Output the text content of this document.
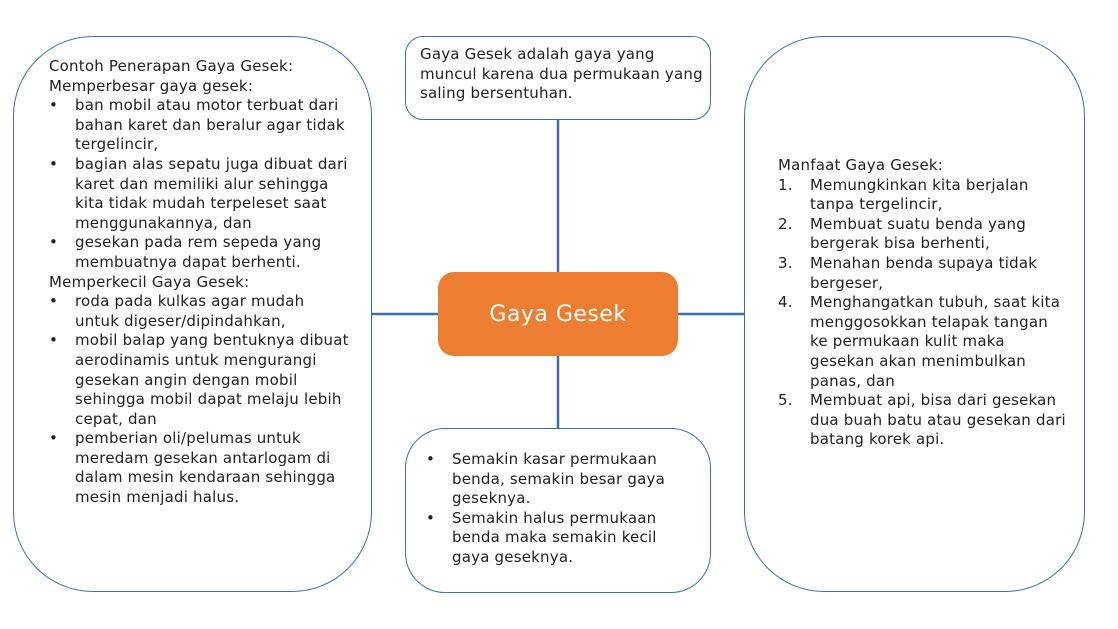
Contoh Penerapan Gaya Gesek:
Memperbesar gaya gesek:
•	ban mobil atau motor terbuat dari bahan karet dan beralur agar tidak tergelincir,
•	bagian alas sepatu juga dibuat dari karet dan memiliki alur sehingga kita tidak mudah terpeleset saat menggunakannya, dan
•	gesekan pada rem sepeda yang membuatnya dapat berhenti.
Memperkecil Gaya Gesek:
•	roda pada kulkas agar mudah untuk digeser/dipindahkan,
•	mobil balap yang bentuknya dibuat aerodinamis untuk mengurangi gesekan angin dengan mobil sehingga mobil dapat melaju lebih cepat, dan
•	pemberian oli/pelumas untuk meredam gesekan antarlogam di dalam mesin kendaraan sehingga mesin menjadi halus.
Gaya Gesek adalah gaya yang muncul karena dua permukaan yang saling bersentuhan.
•	Semakin kasar permukaan benda, semakin besar gaya geseknya.
•	Semakin halus permukaan benda maka semakin kecil gaya geseknya.
Manfaat Gaya Gesek:
1.	Memungkinkan kita berjalan tanpa tergelincir,
2.	Membuat suatu benda yang bergerak bisa berhenti,
3.	Menahan benda supaya tidak bergeser,
4.	Menghangatkan tubuh, saat kita menggosokkan telapak tangan ke permukaan kulit maka gesekan akan menimbulkan panas, dan
5.	Membuat api, bisa dari gesekan dua buah batu atau gesekan dari batang korek api.
Gaya Gesek
